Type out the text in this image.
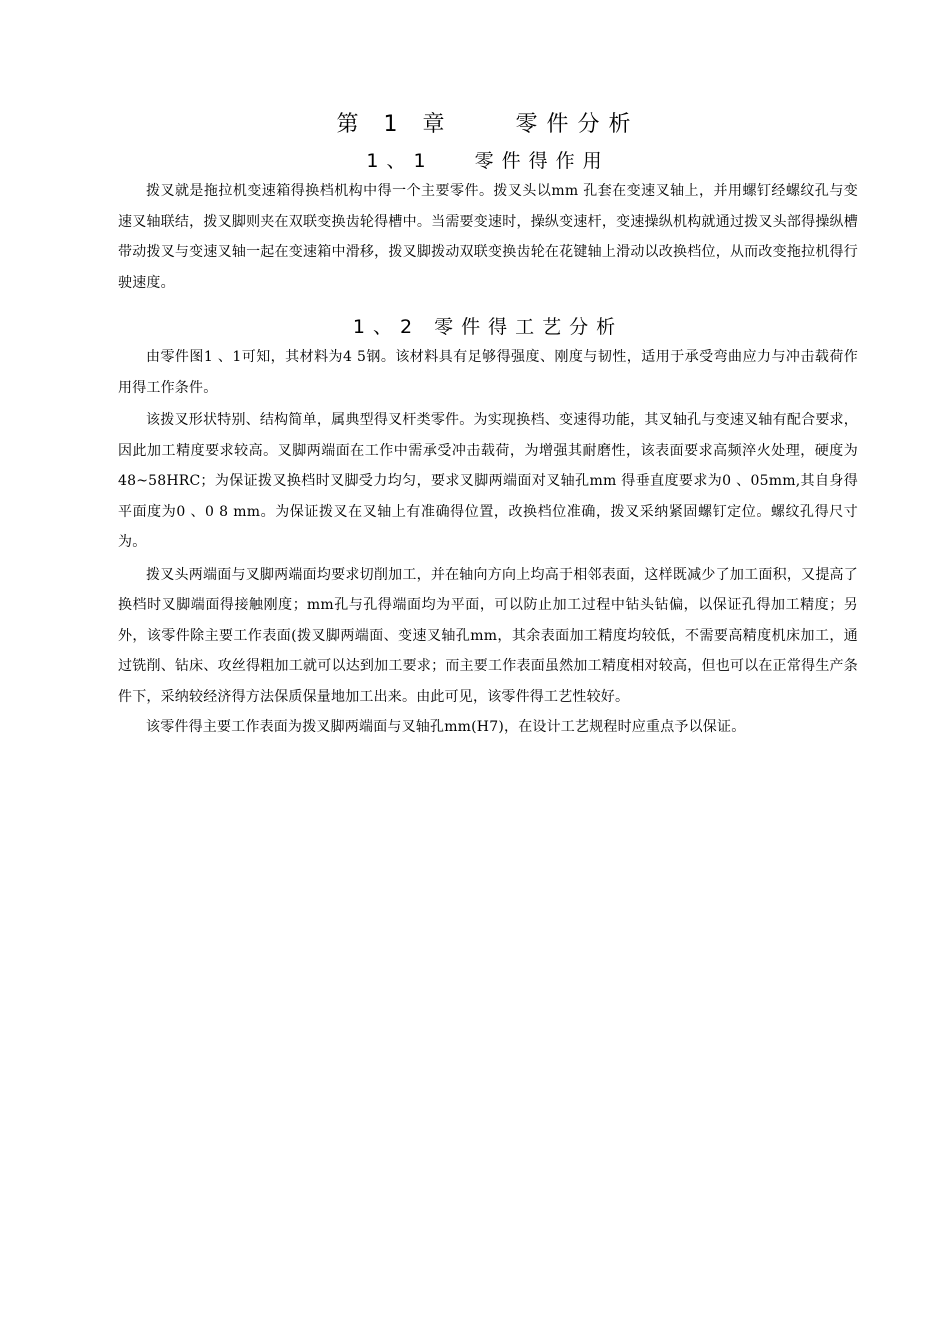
第 1 章　　零件分析
1、1　 零件得作用

拨叉就是拖拉机变速箱得换档机构中得一个主要零件。拨叉头以mm 孔套在变速叉轴上，并用螺钉经螺纹孔与变速叉轴联结，拨叉脚则夹在双联变换齿轮得槽中。当需要变速时，操纵变速杆，变速操纵机构就通过拨叉头部得操纵槽带动拨叉与变速叉轴一起在变速箱中滑移，拨叉脚拨动双联变换齿轮在花键轴上滑动以改换档位，从而改变拖拉机得行驶速度。

1、2 零件得工艺分析

由零件图1 、1可知，其材料为4 5钢。该材料具有足够得强度、刚度与韧性，适用于承受弯曲应力与冲击载荷作用得工作条件。

该拨叉形状特别、结构简单，属典型得叉杆类零件。为实现换档、变速得功能，其叉轴孔与变速叉轴有配合要求，因此加工精度要求较高。叉脚两端面在工作中需承受冲击载荷，为增强其耐磨性，该表面要求高频淬火处理，硬度为48~58HRC；为保证拨叉换档时叉脚受力均匀，要求叉脚两端面对叉轴孔mm 得垂直度要求为0 、05mm,其自身得平面度为0 、0 8 mm。为保证拨叉在叉轴上有准确得位置，改换档位准确，拨叉采纳紧固螺钉定位。螺纹孔得尺寸为。

拨叉头两端面与叉脚两端面均要求切削加工，并在轴向方向上均高于相邻表面，这样既减少了加工面积，又提高了换档时叉脚端面得接触刚度；mm孔与孔得端面均为平面，可以防止加工过程中钻头钻偏，以保证孔得加工精度；另外，该零件除主要工作表面(拨叉脚两端面、变速叉轴孔mm，其余表面加工精度均较低，不需要高精度机床加工，通过铣削、钻床、攻丝得粗加工就可以达到加工要求；而主要工作表面虽然加工精度相对较高，但也可以在正常得生产条件下，采纳较经济得方法保质保量地加工出来。由此可见，该零件得工艺性较好。

该零件得主要工作表面为拨叉脚两端面与叉轴孔mm(H7)，在设计工艺规程时应重点予以保证。
